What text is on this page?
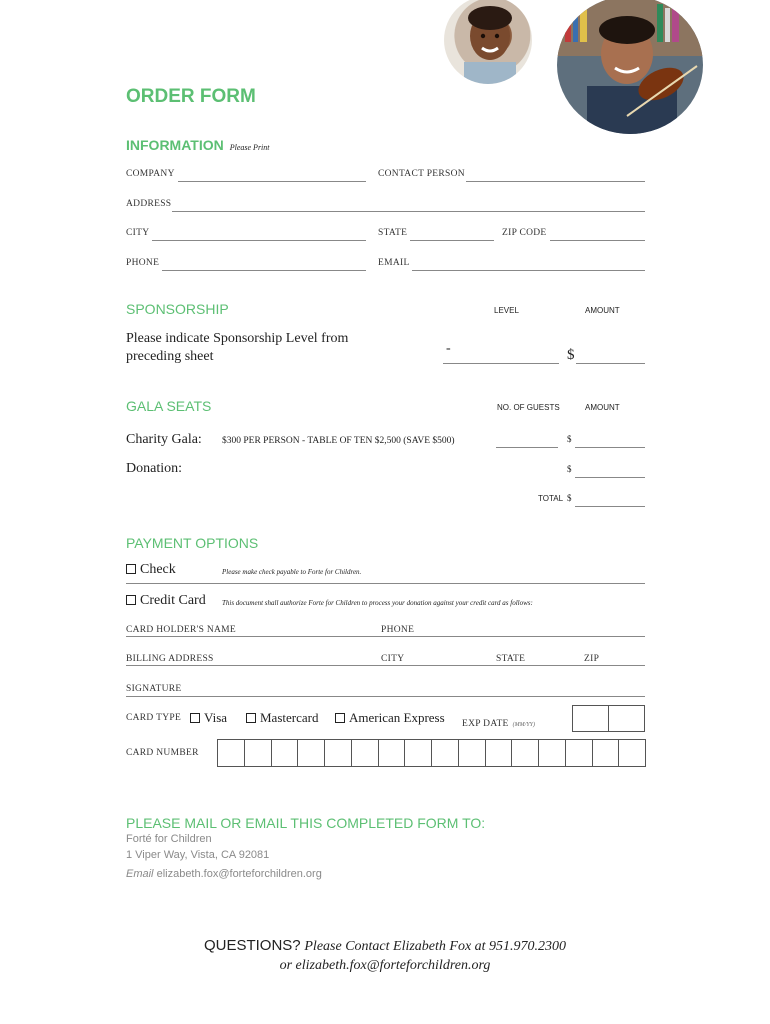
ORDER FORM
INFORMATION Please Print
COMPANY	CONTACT PERSON
ADDRESS
CITY	STATE	ZIP CODE
PHONE	EMAIL
SPONSORSHIP	LEVEL	AMOUNT
Please indicate Sponsorship Level from preceding sheet
-	$
GALA SEATS	NO. OF GUESTS	AMOUNT
Charity Gala: $300 PER PERSON - TABLE OF TEN $2,500 (SAVE $500)	$
Donation:	$
TOTAL $
PAYMENT OPTIONS
Check	Please make check payable to Forte for Children.
Credit Card This document shall authorize Forte for Children to process your donation against your credit card as follows:
CARD HOLDER'S NAME	PHONE
BILLING ADDRESS	CITY	STATE	ZIP
SIGNATURE
CARD TYPE	Visa	Mastercard	American Express EXP DATE (MM/YY)
CARD NUMBER
PLEASE MAIL OR EMAIL THIS COMPLETED FORM TO:
Forté for Children
1 Viper Way, Vista, CA 92081
Email elizabeth.fox@forteforchildren.org
QUESTIONS? Please Contact Elizabeth Fox at 951.970.2300
or elizabeth.fox@forteforchildren.org
